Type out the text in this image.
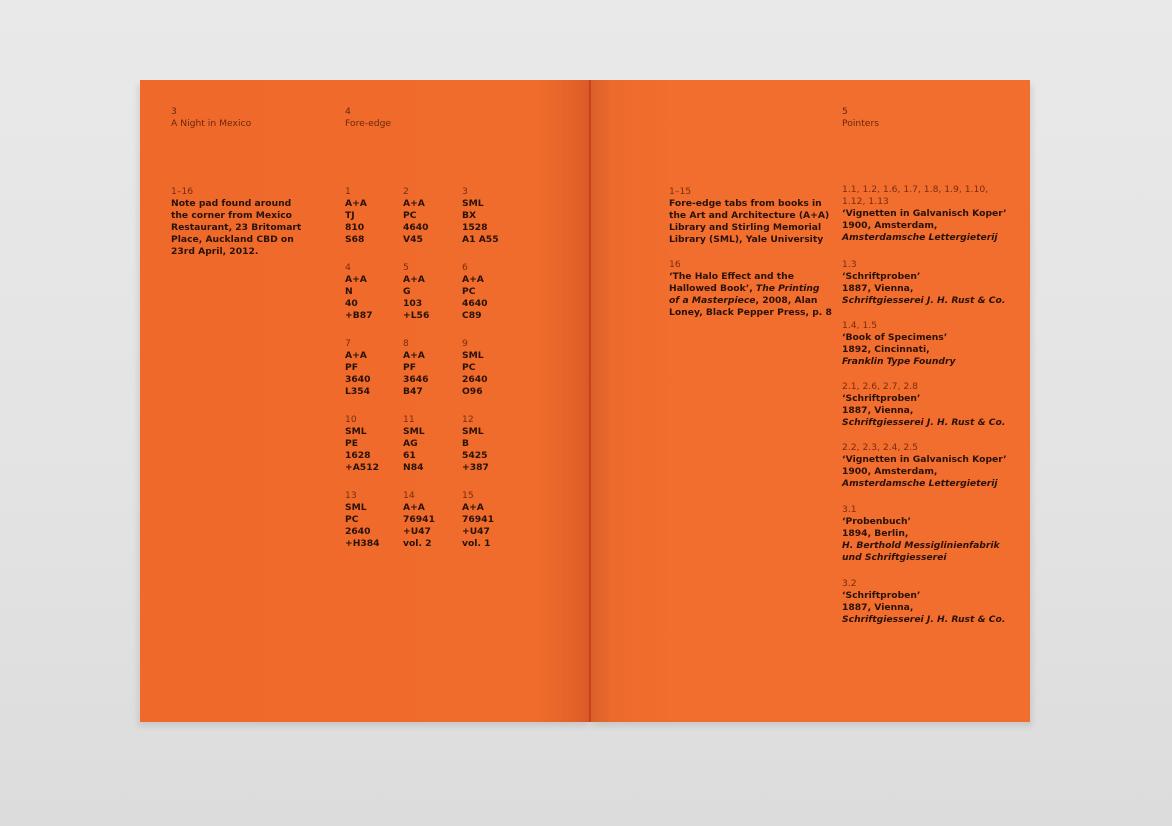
3
A Night in Mexico
4
Fore-edge
1–16
Note pad found around
the corner from Mexico
Restaurant, 23 Britomart
Place, Auckland CBD on
23rd April, 2012.
1
A+A
TJ
810
S68
2
A+A
PC
4640
V45
3
SML
BX
1528
A1 A55
4
A+A
N
40
+B87
5
A+A
G
103
+L56
6
A+A
PC
4640
C89
7
A+A
PF
3640
L354
8
A+A
PF
3646
B47
9
SML
PC
2640
O96
10
SML
PE
1628
+A512
11
SML
AG
61
N84
12
SML
B
5425
+387
13
SML
PC
2640
+H384
14
A+A
76941
+U47
vol. 2
15
A+A
76941
+U47
vol. 1
5
Pointers
1–15
Fore-edge tabs from books in
the Art and Architecture (A+A)
Library and Stirling Memorial
Library (SML), Yale University
16
‘The Halo Effect and the
Hallowed Book’, The Printing
of a Masterpiece, 2008, Alan
Loney, Black Pepper Press, p. 8
1.1, 1.2, 1.6, 1.7, 1.8, 1.9, 1.10,
1.12, 1.13
‘Vignetten in Galvanisch Koper’
1900, Amsterdam,
Amsterdamsche Lettergieterij
1.3
‘Schriftproben’
1887, Vienna,
Schriftgiesserei J. H. Rust & Co.
1.4, 1.5
‘Book of Specimens’
1892, Cincinnati,
Franklin Type Foundry
2.1, 2.6, 2.7, 2.8
‘Schriftproben’
1887, Vienna,
Schriftgiesserei J. H. Rust & Co.
2.2, 2.3, 2.4, 2.5
‘Vignetten in Galvanisch Koper’
1900, Amsterdam,
Amsterdamsche Lettergieterij
3.1
‘Probenbuch’
1894, Berlin,
H. Berthold Messiglinienfabrik
und Schriftgiesserei
3.2
‘Schriftproben’
1887, Vienna,
Schriftgiesserei J. H. Rust & Co.
